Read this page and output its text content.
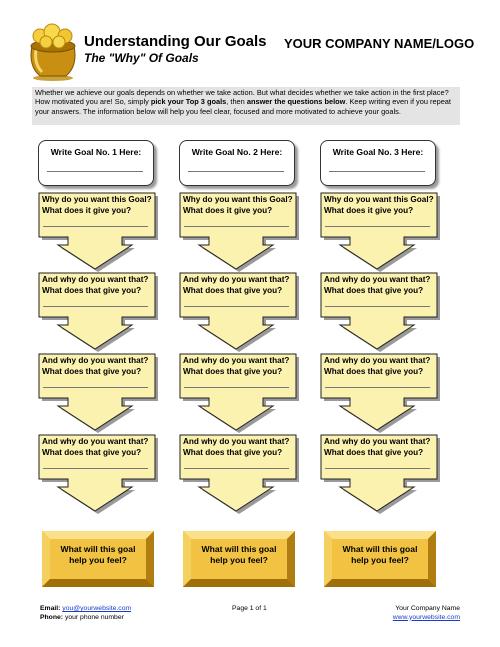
Understanding Our Goals
The "Why" Of Goals
YOUR COMPANY NAME/LOGO
Whether we achieve our goals depends on whether we take action. But what decides whether we take action in the first place? How motivated you are! So, simply pick your Top 3 goals, then answer the questions below. Keep writing even if you repeat your answers. The information below will help you feel clear, focused and more motivated to achieve your goals.
Write Goal No. 1 Here:
Why do you want this Goal?
What does it give you?
And why do you want that?
What does that give you?
And why do you want that?
What does that give you?
And why do you want that?
What does that give you?
What will this goal
help you feel?
Write Goal No. 2 Here:
Why do you want this Goal?
What does it give you?
And why do you want that?
What does that give you?
And why do you want that?
What does that give you?
And why do you want that?
What does that give you?
What will this goal
help you feel?
Write Goal No. 3 Here:
Why do you want this Goal?
What does it give you?
And why do you want that?
What does that give you?
And why do you want that?
What does that give you?
And why do you want that?
What does that give you?
What will this goal
help you feel?
Email: you@yourwebsite.com
Phone: your phone number
Page 1 of 1	Your Company Name
www.yourwebsite.com
